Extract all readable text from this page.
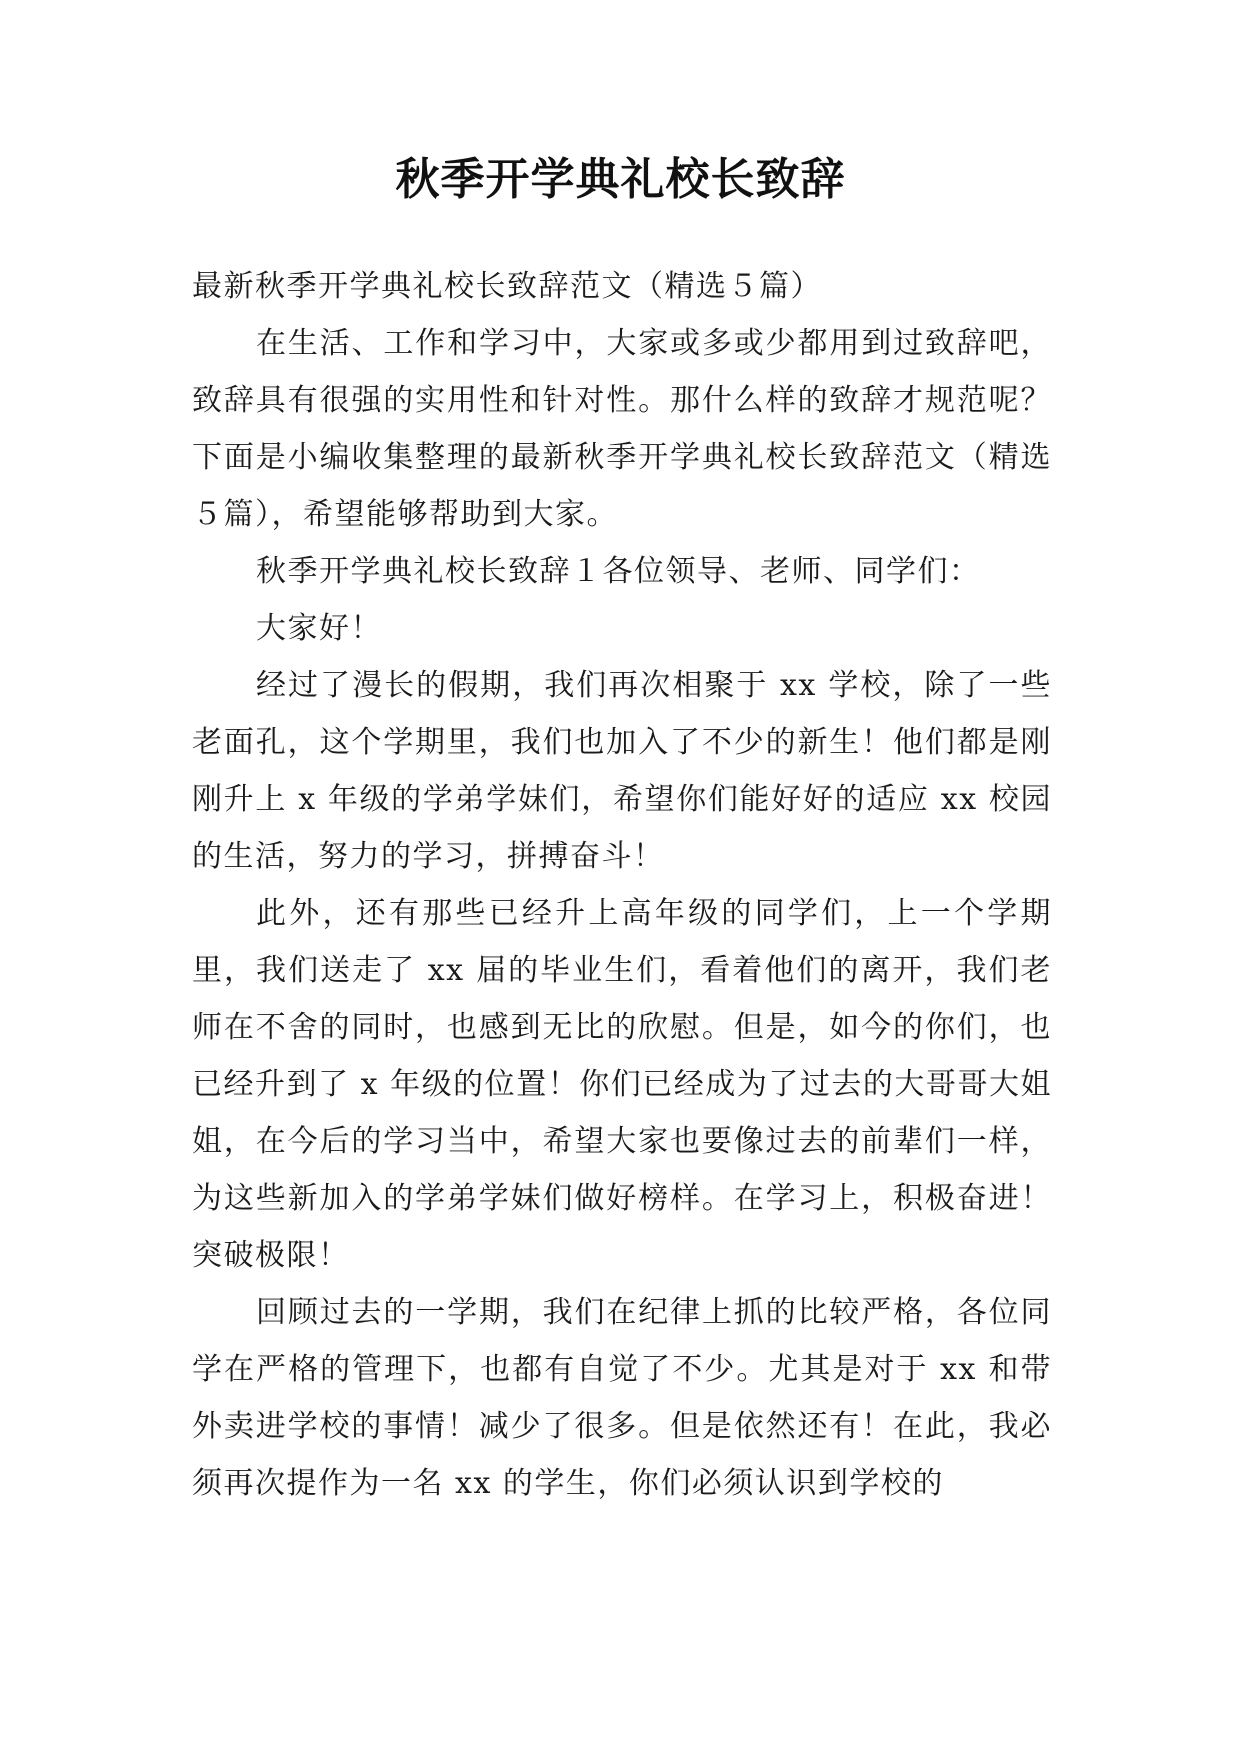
秋季开学典礼校长致辞

最新秋季开学典礼校长致辞范文（精选５篇）

在生活、工作和学习中，大家或多或少都用到过致辞吧，致辞具有很强的实用性和针对性。那什么样的致辞才规范呢？下面是小编收集整理的最新秋季开学典礼校长致辞范文（精选５篇），希望能够帮助到大家。

秋季开学典礼校长致辞１各位领导、老师、同学们：

大家好！

经过了漫长的假期，我们再次相聚于 xx 学校，除了一些老面孔，这个学期里，我们也加入了不少的新生！他们都是刚刚升上 x 年级的学弟学妹们，希望你们能好好的适应 xx 校园的生活，努力的学习，拼搏奋斗！

此外，还有那些已经升上高年级的同学们，上一个学期里，我们送走了 xx 届的毕业生们，看着他们的离开，我们老师在不舍的同时，也感到无比的欣慰。但是，如今的你们，也已经升到了 x 年级的位置！你们已经成为了过去的大哥哥大姐姐，在今后的学习当中，希望大家也要像过去的前辈们一样，为这些新加入的学弟学妹们做好榜样。在学习上，积极奋进！突破极限！

回顾过去的一学期，我们在纪律上抓的比较严格，各位同学在严格的管理下，也都有自觉了不少。尤其是对于 xx 和带外卖进学校的事情！减少了很多。但是依然还有！在此，我必须再次提作为一名 xx 的学生，你们必须认识到学校的
